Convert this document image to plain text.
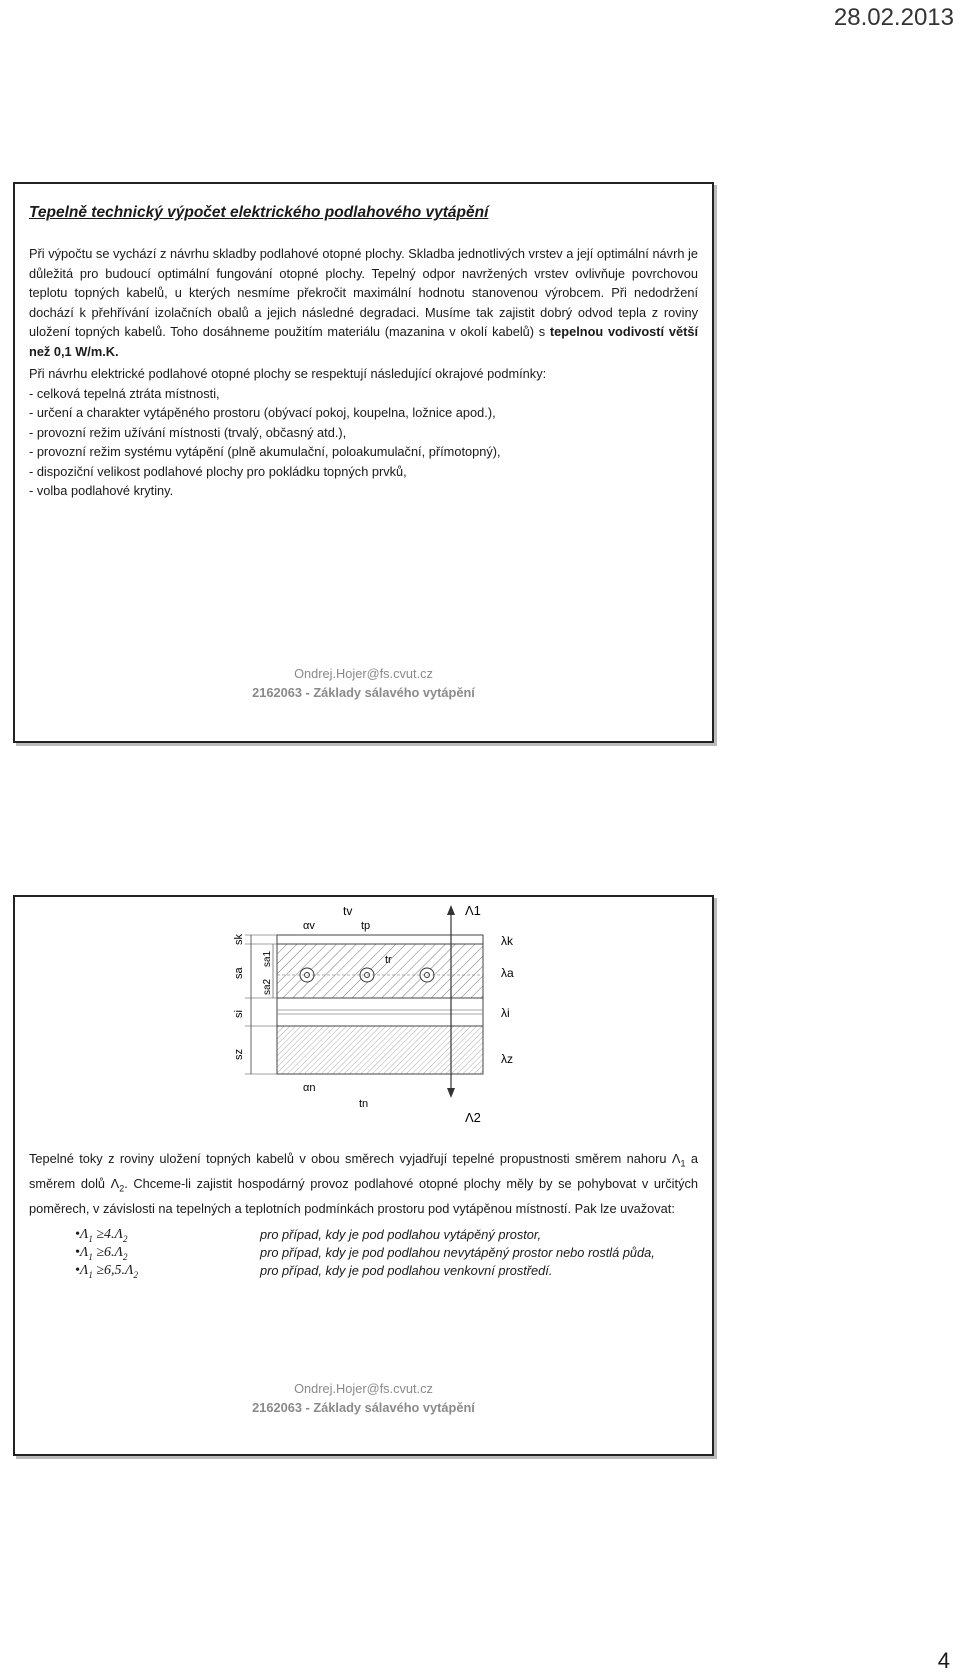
28.02.2013
Tepelně technický výpočet elektrického podlahového vytápění
Při výpočtu se vychází z návrhu skladby podlahové otopné plochy. Skladba jednotlivých vrstev a její optimální návrh je důležitá pro budoucí optimální fungování otopné plochy. Tepelný odpor navržených vrstev ovlivňuje povrchovou teplotu topných kabelů, u kterých nesmíme překročit maximální hodnotu stanovenou výrobcem. Při nedodržení dochází k přehřívání izolačních obalů a jejich následné degradaci. Musíme tak zajistit dobrý odvod tepla z roviny uložení topných kabelů. Toho dosáhneme použitím materiálu (mazanina v okolí kabelů) s tepelnou vodivostí větší než 0,1 W/m.K.
Při návrhu elektrické podlahové otopné plochy se respektují následující okrajové podmínky:
- celková tepelná ztráta místnosti,
- určení a charakter vytápěného prostoru (obývací pokoj, koupelna, ložnice apod.),
- provozní režim užívání místnosti (trvalý, občasný atd.),
- provozní režim systému vytápění (plně akumulační, poloakumulační, přímotopný),
- dispoziční velikost podlahové plochy pro pokládku topných prvků,
- volba podlahové krytiny.
Ondrej.Hojer@fs.cvut.cz
2162063 - Základy sálavého vytápění
tv
αv	tp
tr
tn
αn
Λ1
Λ2
λk
λa
λi
λz
sk
sa
si
sz
sa1
sa2
Tepelné toky z roviny uložení topných kabelů v obou směrech vyjadřují tepelné propustnosti směrem nahoru $\Lambda_1$ a směrem dolů $\Lambda_2$. Chceme-li zajistit hospodárný provoz podlahové otopné plochy měly by se pohybovat v určitých poměrech, v závislosti na tepelných a teplotních podmínkách prostoru pod vytápěnou místností. Pak lze uvažovat:
$•\Lambda_1 \ge 4.\Lambda_2$	pro případ, kdy je pod podlahou vytápěný prostor,
$•\Lambda_1 \ge 6.\Lambda_2$	pro případ, kdy je pod podlahou nevytápěný prostor nebo rostlá půda,
$•\Lambda_1 \ge 6,5.\Lambda_2$	pro případ, kdy je pod podlahou venkovní prostředí.
Ondrej.Hojer@fs.cvut.cz
2162063 - Základy sálavého vytápění
4
